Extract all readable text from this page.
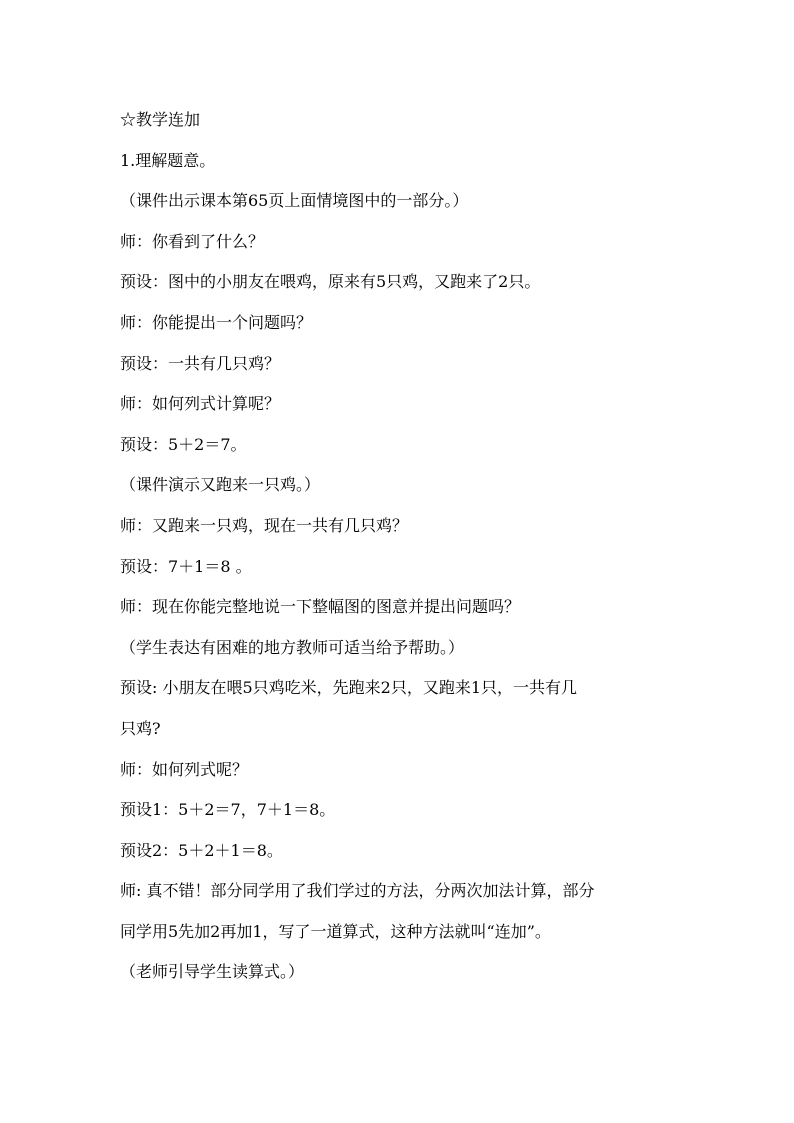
☆教学连加
1.理解题意。
（课件出示课本第65页上面情境图中的一部分。）
师：你看到了什么？
预设：图中的小朋友在喂鸡，原来有5只鸡，又跑来了2只。
师：你能提出一个问题吗？
预设：一共有几只鸡？
师：如何列式计算呢？
预设：5＋2＝7。
（课件演示又跑来一只鸡。）
师：又跑来一只鸡，现在一共有几只鸡？
预设：7＋1＝8 。
师：现在你能完整地说一下整幅图的图意并提出问题吗？
（学生表达有困难的地方教师可适当给予帮助。）
预设: 小朋友在喂5只鸡吃米，先跑来2只，又跑来1只，一共有几
只鸡?
师：如何列式呢？
预设1：5＋2＝7，7＋1＝8。
预设2：5＋2＋1＝8。
师: 真不错！部分同学用了我们学过的方法，分两次加法计算，部分
同学用5先加2再加1，写了一道算式，这种方法就叫“连加”。
（老师引导学生读算式。）
